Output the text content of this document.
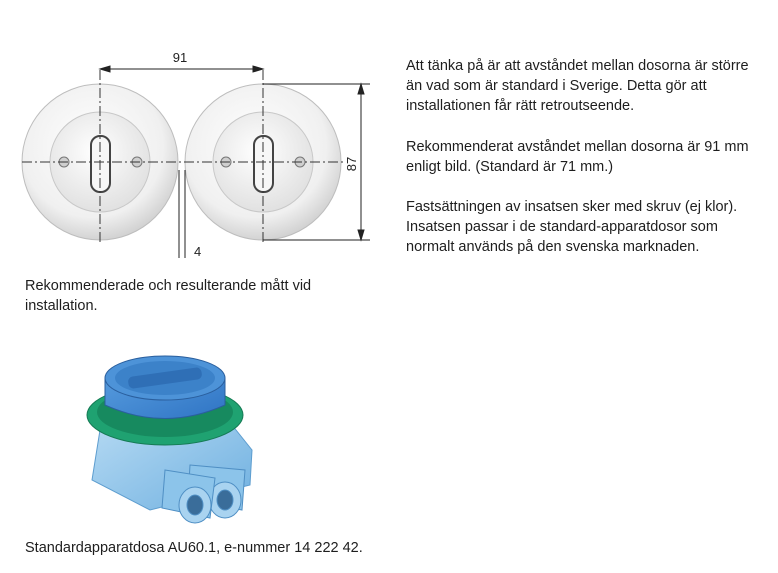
91
87
4

Att tänka på är att avståndet mellan dosorna är större än vad som är standard i Sverige. Detta gör att installationen får rätt retroutseende.

Rekommenderat avståndet mellan dosorna är 91 mm enligt bild. (Standard är 71 mm.)

Fastsättningen av insatsen sker med skruv (ej klor). Insatsen passar i de standard-apparatdosor som normalt används på den svenska marknaden.

Rekommenderade och resulterande mått vid installation.

Standardapparatdosa AU60.1, e-nummer 14 222 42.
